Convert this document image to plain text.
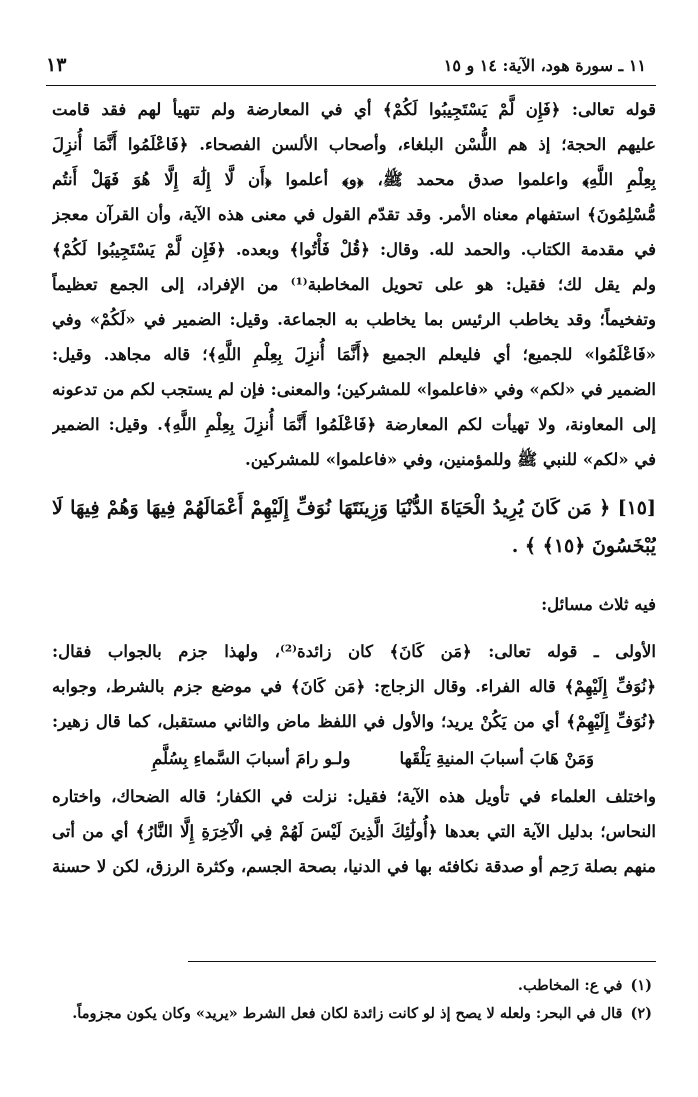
١٣	١١ ـ سورة هود، الآية: ١٤ و ١٥
قوله تعالى: ﴿فَإِن لَّمْ يَسْتَجِيبُوا لَكُمْ﴾ أي في المعارضة ولم تتهيأ لهم فقد قامت
عليهم الحجة؛ إذ هم اللُّسْن البلغاء، وأصحاب الألسن الفصحاء. ﴿فَاعْلَمُوا أَنَّمَا أُنزِلَ
بِعِلْمِ اللَّهِ﴾ واعلموا صدق محمد ﷺ، ﴿و﴾ أعلموا ﴿أَن لَّا إِلَٰهَ إِلَّا هُوَ فَهَلْ أَنتُم
مُّسْلِمُونَ﴾ استفهام معناه الأمر. وقد تقدّم القول في معنى هذه الآية، وأن القرآن معجز
في مقدمة الكتاب. والحمد لله. وقال: ﴿قُلْ فَأْتُوا﴾ وبعده. ﴿فَإِن لَّمْ يَسْتَجِيبُوا لَكُمْ﴾
ولم يقل لك؛ فقيل: هو على تحويل المخاطبة⁽¹⁾ من الإفراد، إلى الجمع تعظيماً
وتفخيماً؛ وقد يخاطب الرئيس بما يخاطب به الجماعة. وقيل: الضمير في «لَكُمْ» وفي
«فَاعْلَمُوا» للجميع؛ أي فليعلم الجميع ﴿أَنَّمَا أُنزِلَ بِعِلْمِ اللَّهِ﴾؛ قاله مجاهد. وقيل:
الضمير في «لكم» وفي «فاعلموا» للمشركين؛ والمعنى: فإن لم يستجب لكم من تدعونه
إلى المعاونة، ولا تهيأت لكم المعارضة ﴿فَاعْلَمُوا أَنَّمَا أُنزِلَ بِعِلْمِ اللَّهِ﴾. وقيل: الضمير
في «لكم» للنبي ﷺ وللمؤمنين، وفي «فاعلموا» للمشركين.
[١٥] ﴿ مَن كَانَ يُرِيدُ الْحَيَاةَ الدُّنْيَا وَزِينَتَهَا نُوَفِّ إِلَيْهِمْ أَعْمَالَهُمْ فِيهَا وَهُمْ فِيهَا لَا
يُبْخَسُونَ ﴿١٥﴾ ﴾ .
فيه ثلاث مسائل:
الأولى ـ قوله تعالى: ﴿مَن كَانَ﴾ كان زائدة⁽²⁾، ولهذا جزم بالجواب فقال:
﴿نُوَفِّ إِلَيْهِمْ﴾ قاله الفراء. وقال الزجاج: ﴿مَن كَانَ﴾ في موضع جزم بالشرط، وجوابه
﴿نُوَفِّ إِلَيْهِمْ﴾ أي من يَكُنْ يريد؛ والأول في اللفظ ماض والثاني مستقبل، كما قال زهير:
وَمَنْ هَابَ أسبابَ المنيةِ يَلْقَها
ولـو رامَ أسبابَ السَّماءِ بِسُلَّمِ
واختلف العلماء في تأويل هذه الآية؛ فقيل: نزلت في الكفار؛ قاله الضحاك، واختاره
النحاس؛ بدليل الآية التي بعدها ﴿أُولَٰئِكَ الَّذِينَ لَيْسَ لَهُمْ فِي الْآخِرَةِ إِلَّا النَّارُ﴾ أي من أتى
منهم بصلة رَحِم أو صدقة نكافئه بها في الدنيا، بصحة الجسم، وكثرة الرزق، لكن لا حسنة
(١)في ع: المخاطب.
(٢)قال في البحر: ولعله لا يصح إذ لو كانت زائدة لكان فعل الشرط «يريد» وكان يكون مجزوماً.
